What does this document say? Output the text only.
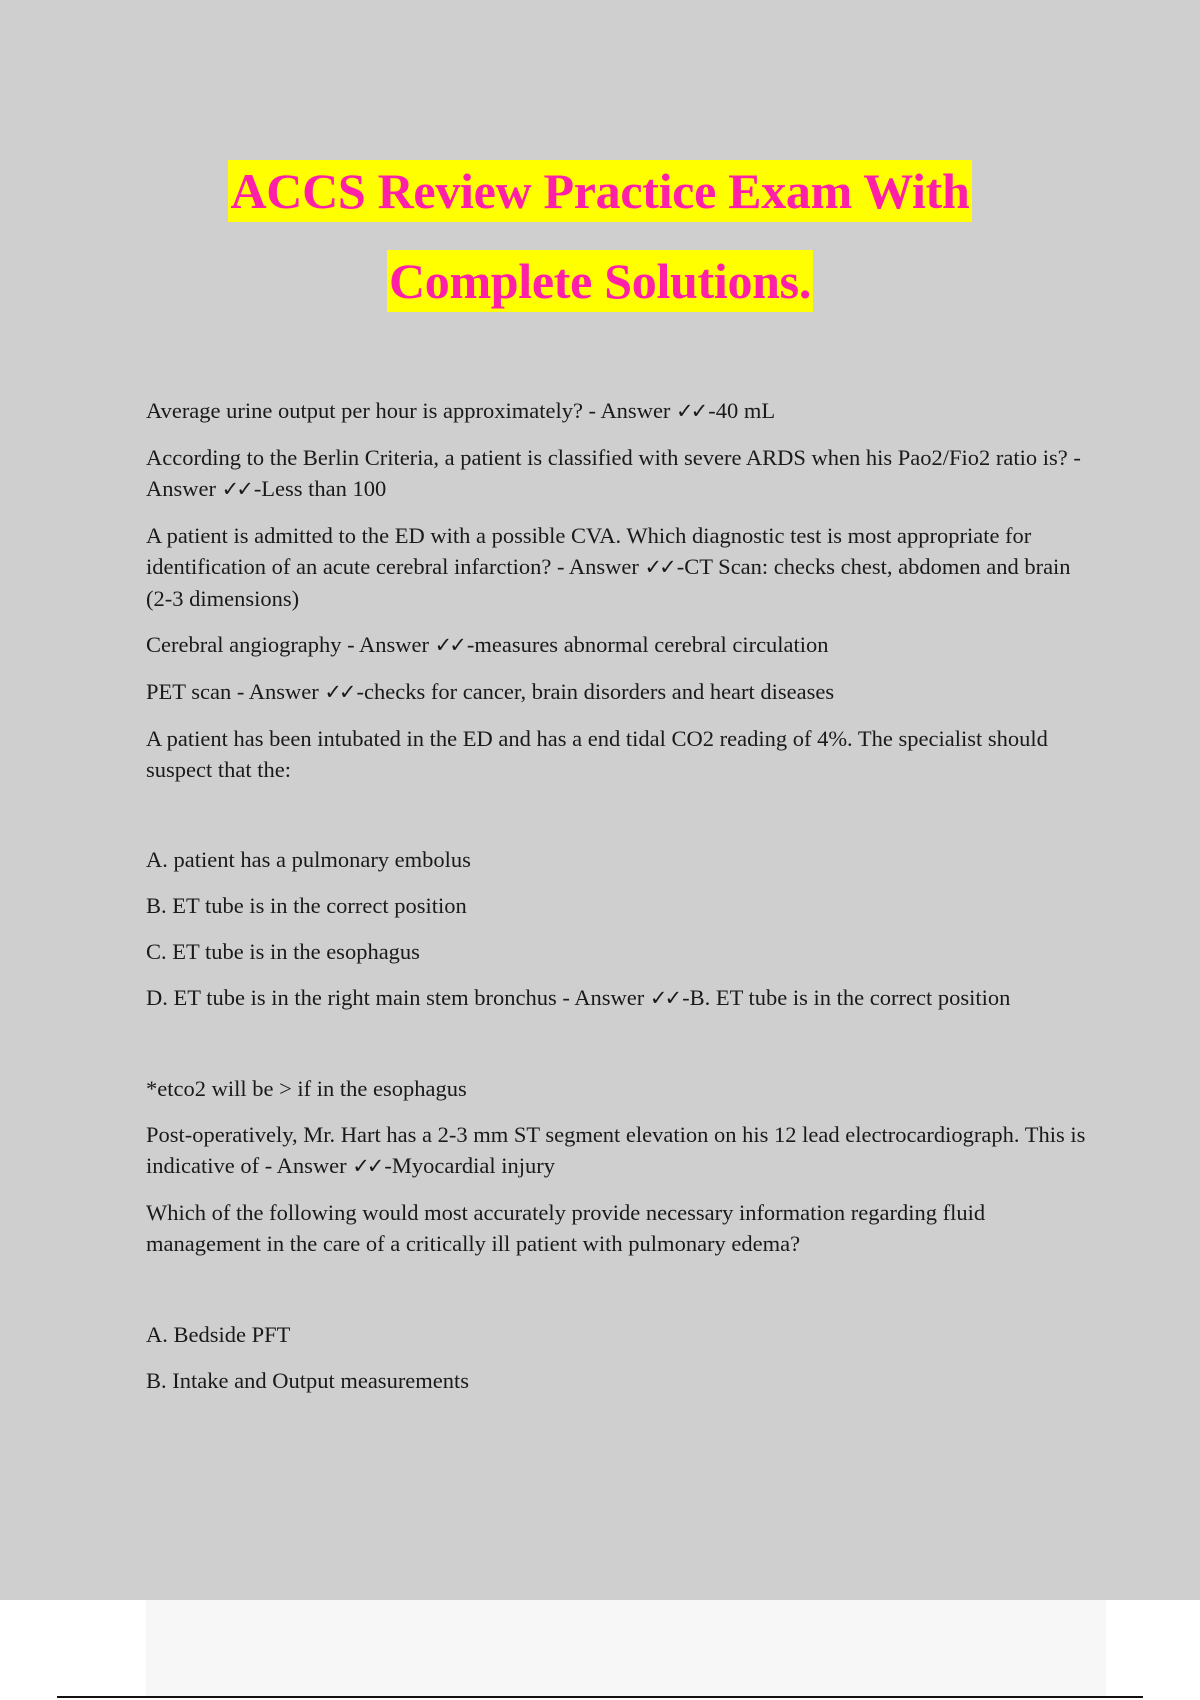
ACCS Review Practice Exam With
Complete Solutions.

Average urine output per hour is approximately? - Answer ✓✓ -40 mL

According to the Berlin Criteria, a patient is classified with severe ARDS when his Pao2/Fio2 ratio is? - Answer ✓✓ -Less than 100

A patient is admitted to the ED with a possible CVA. Which diagnostic test is most appropriate for identification of an acute cerebral infarction? - Answer ✓✓ -CT Scan: checks chest, abdomen and brain (2-3 dimensions)

Cerebral angiography - Answer ✓✓ -measures abnormal cerebral circulation

PET scan - Answer ✓✓ -checks for cancer, brain disorders and heart diseases

A patient has been intubated in the ED and has a end tidal CO2 reading of 4%. The specialist should suspect that the:

A. patient has a pulmonary embolus

B. ET tube is in the correct position

C. ET tube is in the esophagus

D. ET tube is in the right main stem bronchus - Answer ✓✓ -B. ET tube is in the correct position

*etco2 will be > if in the esophagus

Post-operatively, Mr. Hart has a 2-3 mm ST segment elevation on his 12 lead electrocardiograph. This is indicative of - Answer ✓✓ -Myocardial injury

Which of the following would most accurately provide necessary information regarding fluid management in the care of a critically ill patient with pulmonary edema?

A. Bedside PFT

B. Intake and Output measurements
